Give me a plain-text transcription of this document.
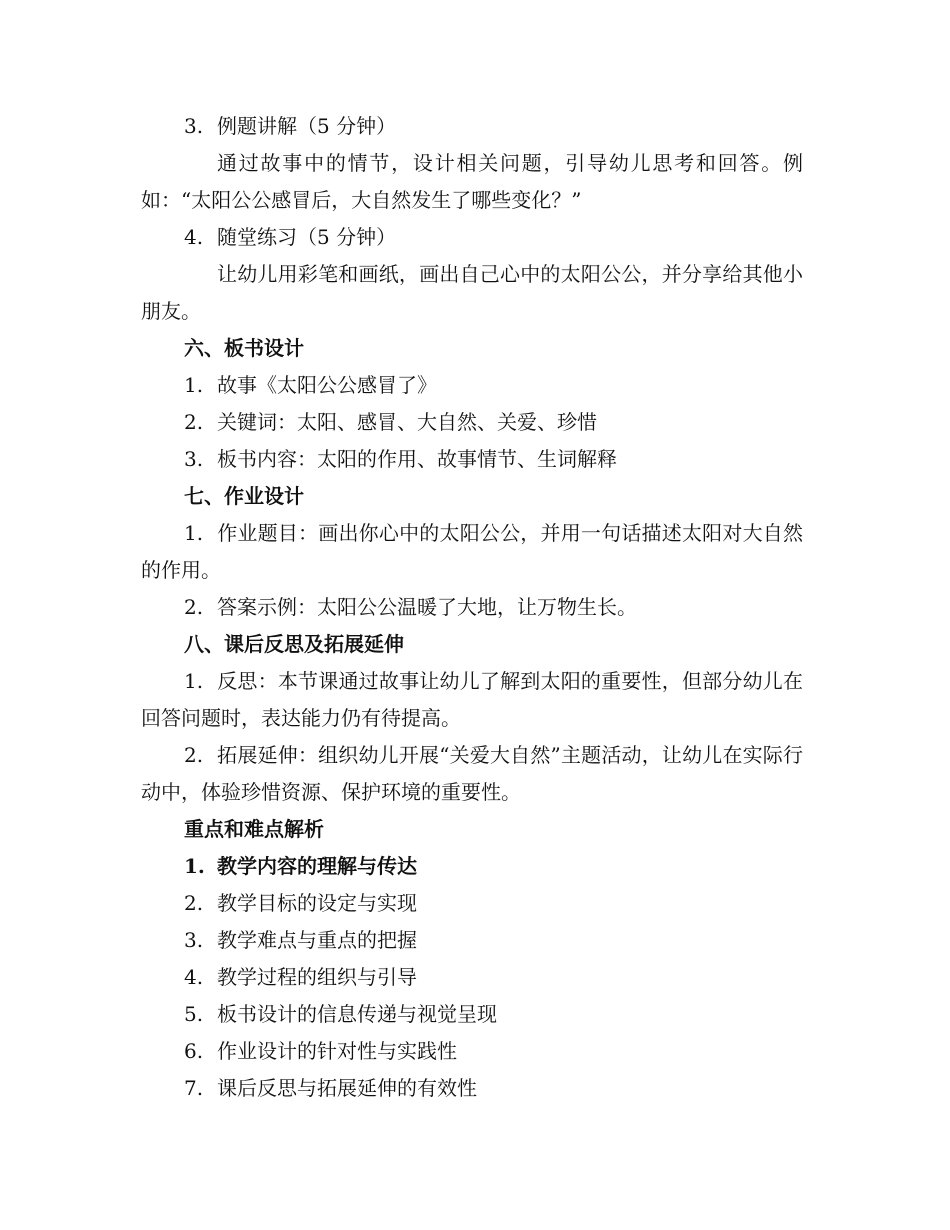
3. 例题讲解（5 分钟）
通过故事中的情节，设计相关问题，引导幼儿思考和回答。例如：“太阳公公感冒后，大自然发生了哪些变化？”
4. 随堂练习（5 分钟）
让幼儿用彩笔和画纸，画出自己心中的太阳公公，并分享给其他小朋友。
六、板书设计
1. 故事《太阳公公感冒了》
2. 关键词：太阳、感冒、大自然、关爱、珍惜
3. 板书内容：太阳的作用、故事情节、生词解释
七、作业设计
1. 作业题目：画出你心中的太阳公公，并用一句话描述太阳对大自然的作用。
2. 答案示例：太阳公公温暖了大地，让万物生长。
八、课后反思及拓展延伸
1. 反思：本节课通过故事让幼儿了解到太阳的重要性，但部分幼儿在回答问题时，表达能力仍有待提高。
2. 拓展延伸：组织幼儿开展“关爱大自然”主题活动，让幼儿在实际行动中，体验珍惜资源、保护环境的重要性。
重点和难点解析
1. 教学内容的理解与传达
2. 教学目标的设定与实现
3. 教学难点与重点的把握
4. 教学过程的组织与引导
5. 板书设计的信息传递与视觉呈现
6. 作业设计的针对性与实践性
7. 课后反思与拓展延伸的有效性
